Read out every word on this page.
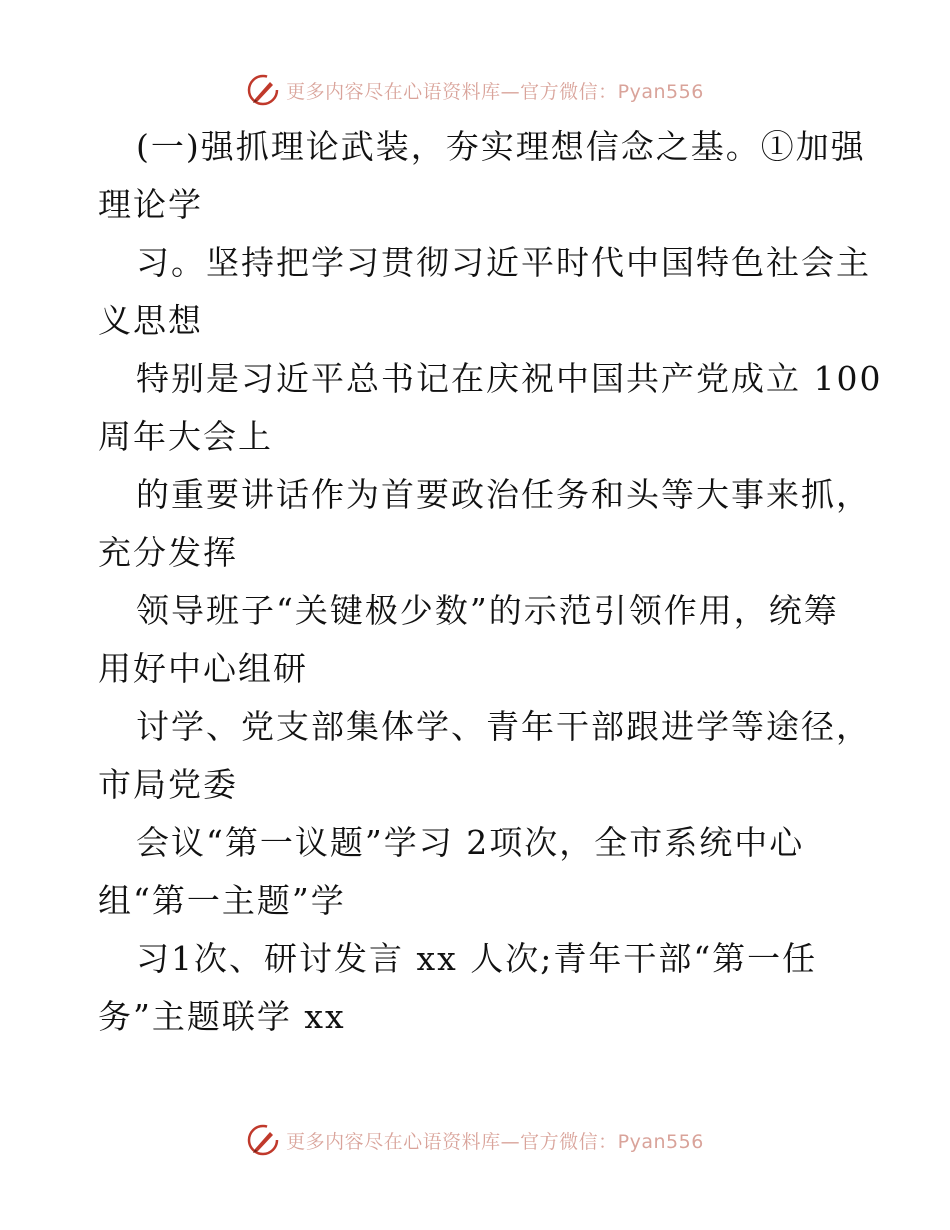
更多内容尽在心语资料库—官方微信：Pyan556
(一)强抓理论武装，夯实理想信念之基。①加强
理论学
习。坚持把学习贯彻习近平时代中国特色社会主
义思想
特别是习近平总书记在庆祝中国共产党成立 100
周年大会上
的重要讲话作为首要政治任务和头等大事来抓，
充分发挥
领导班子“关键极少数”的示范引领作用，统筹
用好中心组研
讨学、党支部集体学、青年干部跟进学等途径，
市局党委
会议“第一议题”学习 2项次，全市系统中心
组“第一主题”学
习1次、研讨发言 xx 人次;青年干部“第一任
务”主题联学 xx
更多内容尽在心语资料库—官方微信：Pyan556
